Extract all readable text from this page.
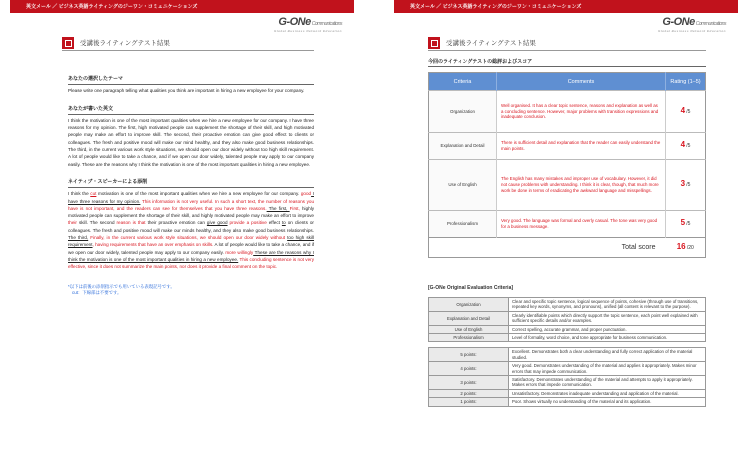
英文メール ／ ビジネス英語ライティングのジーワン・コミュニケーションズ
G-ONeCommunications
Global Business Network Education
受講後ライティングテスト結果
あなたの選択したテーマ
Please write one paragraph telling what qualities you think are important in hiring a new employee for your company.
あなたが書いた英文
I think the motivation is one of the most important qualities when we hire a new employee for our company. I have three reasons for my opinion. The first, high motivated people can supplement the shortage of their skill, and high motivated people may make an effort to improve skill. The second, their proactive emotion can give good effect to clients or colleagues. The fresh and positive mood will make our mind healthy, and they also make good business relationships. The third, in the current various work style situations, we should open our door widely without too high skill requirement. A lot of people would like to take a chance, and if we open our door widely, talented people may apply to our company easily. These are the reasons why I think the motivation is one of the most important qualities in hiring a new employee.
ネイティブ・スピーカーによる添削
I think the cut motivation is one of the most important qualities when we hire a new employee for our company. good I have three reasons for my opinion. This information is not very useful. In such a short text, the number of reasons you have is not important, and the readers can see for themselves that you have three reasons. The first, First, highly motivated people can supplement the shortage of their skill, and highly motivated people may make an effort to improve their skill. The second reason is that their proactive emotion can give good provide a positive effect to on clients or colleagues. The fresh and positive mood will make our minds healthy, and they also make good business relationships. The third, Finally, in the current various work style situations, we should open our door widely without too high skill requirement, having requirements that have an over emphasis on skills. A lot of people would like to take a chance, and if we open our door widely, talented people may apply to our company easily. more willingly These are the reasons why I think the motivation is one of the most important qualities in hiring a new employee. This concluding sentence is not very effective, since it does not summarize the main points, nor does it provide a final comment on the topic.
*以下は前後の添削指示でも用いている表現記号です。
cut：下線部は不要です。
英文メール ／ ビジネス英語ライティングのジーワン・コミュニケーションズ
G-ONeCommunications
Global Business Network Education
受講後ライティングテスト結果
今回のライティングテストの総評およびスコア
Criteria	Comments	Rating (1–5)
Organization	Well organised. It has a clear topic sentence, reasons and explanation as well as a concluding sentence. However, major problems with transition expressions and inadequate conclusion.	4 /5
Explanation and Detail	There is sufficient detail and explanation that the reader can easily understand the main points.	4 /5
Use of English	The English has many mistakes and improper use of vocabulary. However, it did not cause problems with understanding. I think it is clear, though, that much more work be done in terms of eradicating the awkward language and misspellings.	3 /5
Professionalism	Very good. The language was formal and overly casual. The tone was very good for a business message.	5 /5
Total score		16 /20
[G-ONe Original Evaluation Criteria]
Organization	Clear and specific topic sentence, logical sequence of points, cohesive (through use of transitions, repeated key words, synonyms, and pronouns), unified (all content is relevant to the purpose).
Explanation and Detail	Clearly identifiable points which directly support the topic sentence, each point well explained with sufficient specific details and/or examples.
Use of English	Correct spelling, accurate grammar, and proper punctuation.
Professionalism	Level of formality, word choice, and tone appropriate for business communication.
5 points:	Excellent. Demonstrates both a clear understanding and fully correct application of the material studied.
4 points:	Very good. Demonstrates understanding of the material and applies it appropriately. Makes minor errors that may impede communication.
3 points:	Satisfactory. Demonstrates understanding of the material and attempts to apply it appropriately. Makes errors that impede communication.
2 points:	Unsatisfactory. Demonstrates inadequate understanding and application of the material.
1 points:	Poor. Shows virtually no understanding of the material and its application.
